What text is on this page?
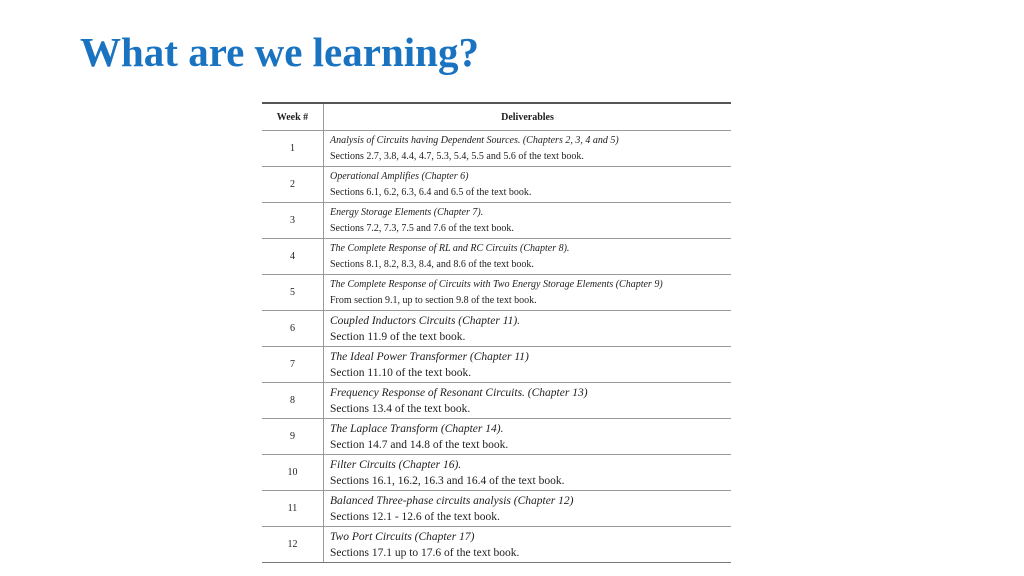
What are we learning?
Week #	Deliverables
1	Analysis of Circuits having Dependent Sources. (Chapters 2, 3, 4 and 5)
Sections 2.7, 3.8, 4.4, 4.7, 5.3, 5.4, 5.5 and 5.6 of the text book.

2	Operational Amplifies (Chapter 6)
Sections 6.1, 6.2, 6.3, 6.4 and 6.5 of the text book.

3	Energy Storage Elements (Chapter 7).
Sections 7.2, 7.3, 7.5 and 7.6 of the text book.

4	The Complete Response of RL and RC Circuits (Chapter 8).
Sections 8.1, 8.2, 8.3, 8.4, and 8.6 of the text book.

5	The Complete Response of Circuits with Two Energy Storage Elements (Chapter 9)
From section 9.1, up to section 9.8 of the text book.

6	Coupled Inductors Circuits (Chapter 11).
Section 11.9 of the text book.

7	The Ideal Power Transformer (Chapter 11)
Section 11.10 of the text book.

8	Frequency Response of Resonant Circuits. (Chapter 13)
Sections 13.4 of the text book.

9	The Laplace Transform (Chapter 14).
Section 14.7 and 14.8 of the text book.

10	Filter Circuits (Chapter 16).
Sections 16.1, 16.2, 16.3 and 16.4 of the text book.

11	Balanced Three-phase circuits analysis (Chapter 12)
Sections 12.1 - 12.6 of the text book.

12	Two Port Circuits (Chapter 17)
Sections 17.1 up to 17.6 of the text book.
